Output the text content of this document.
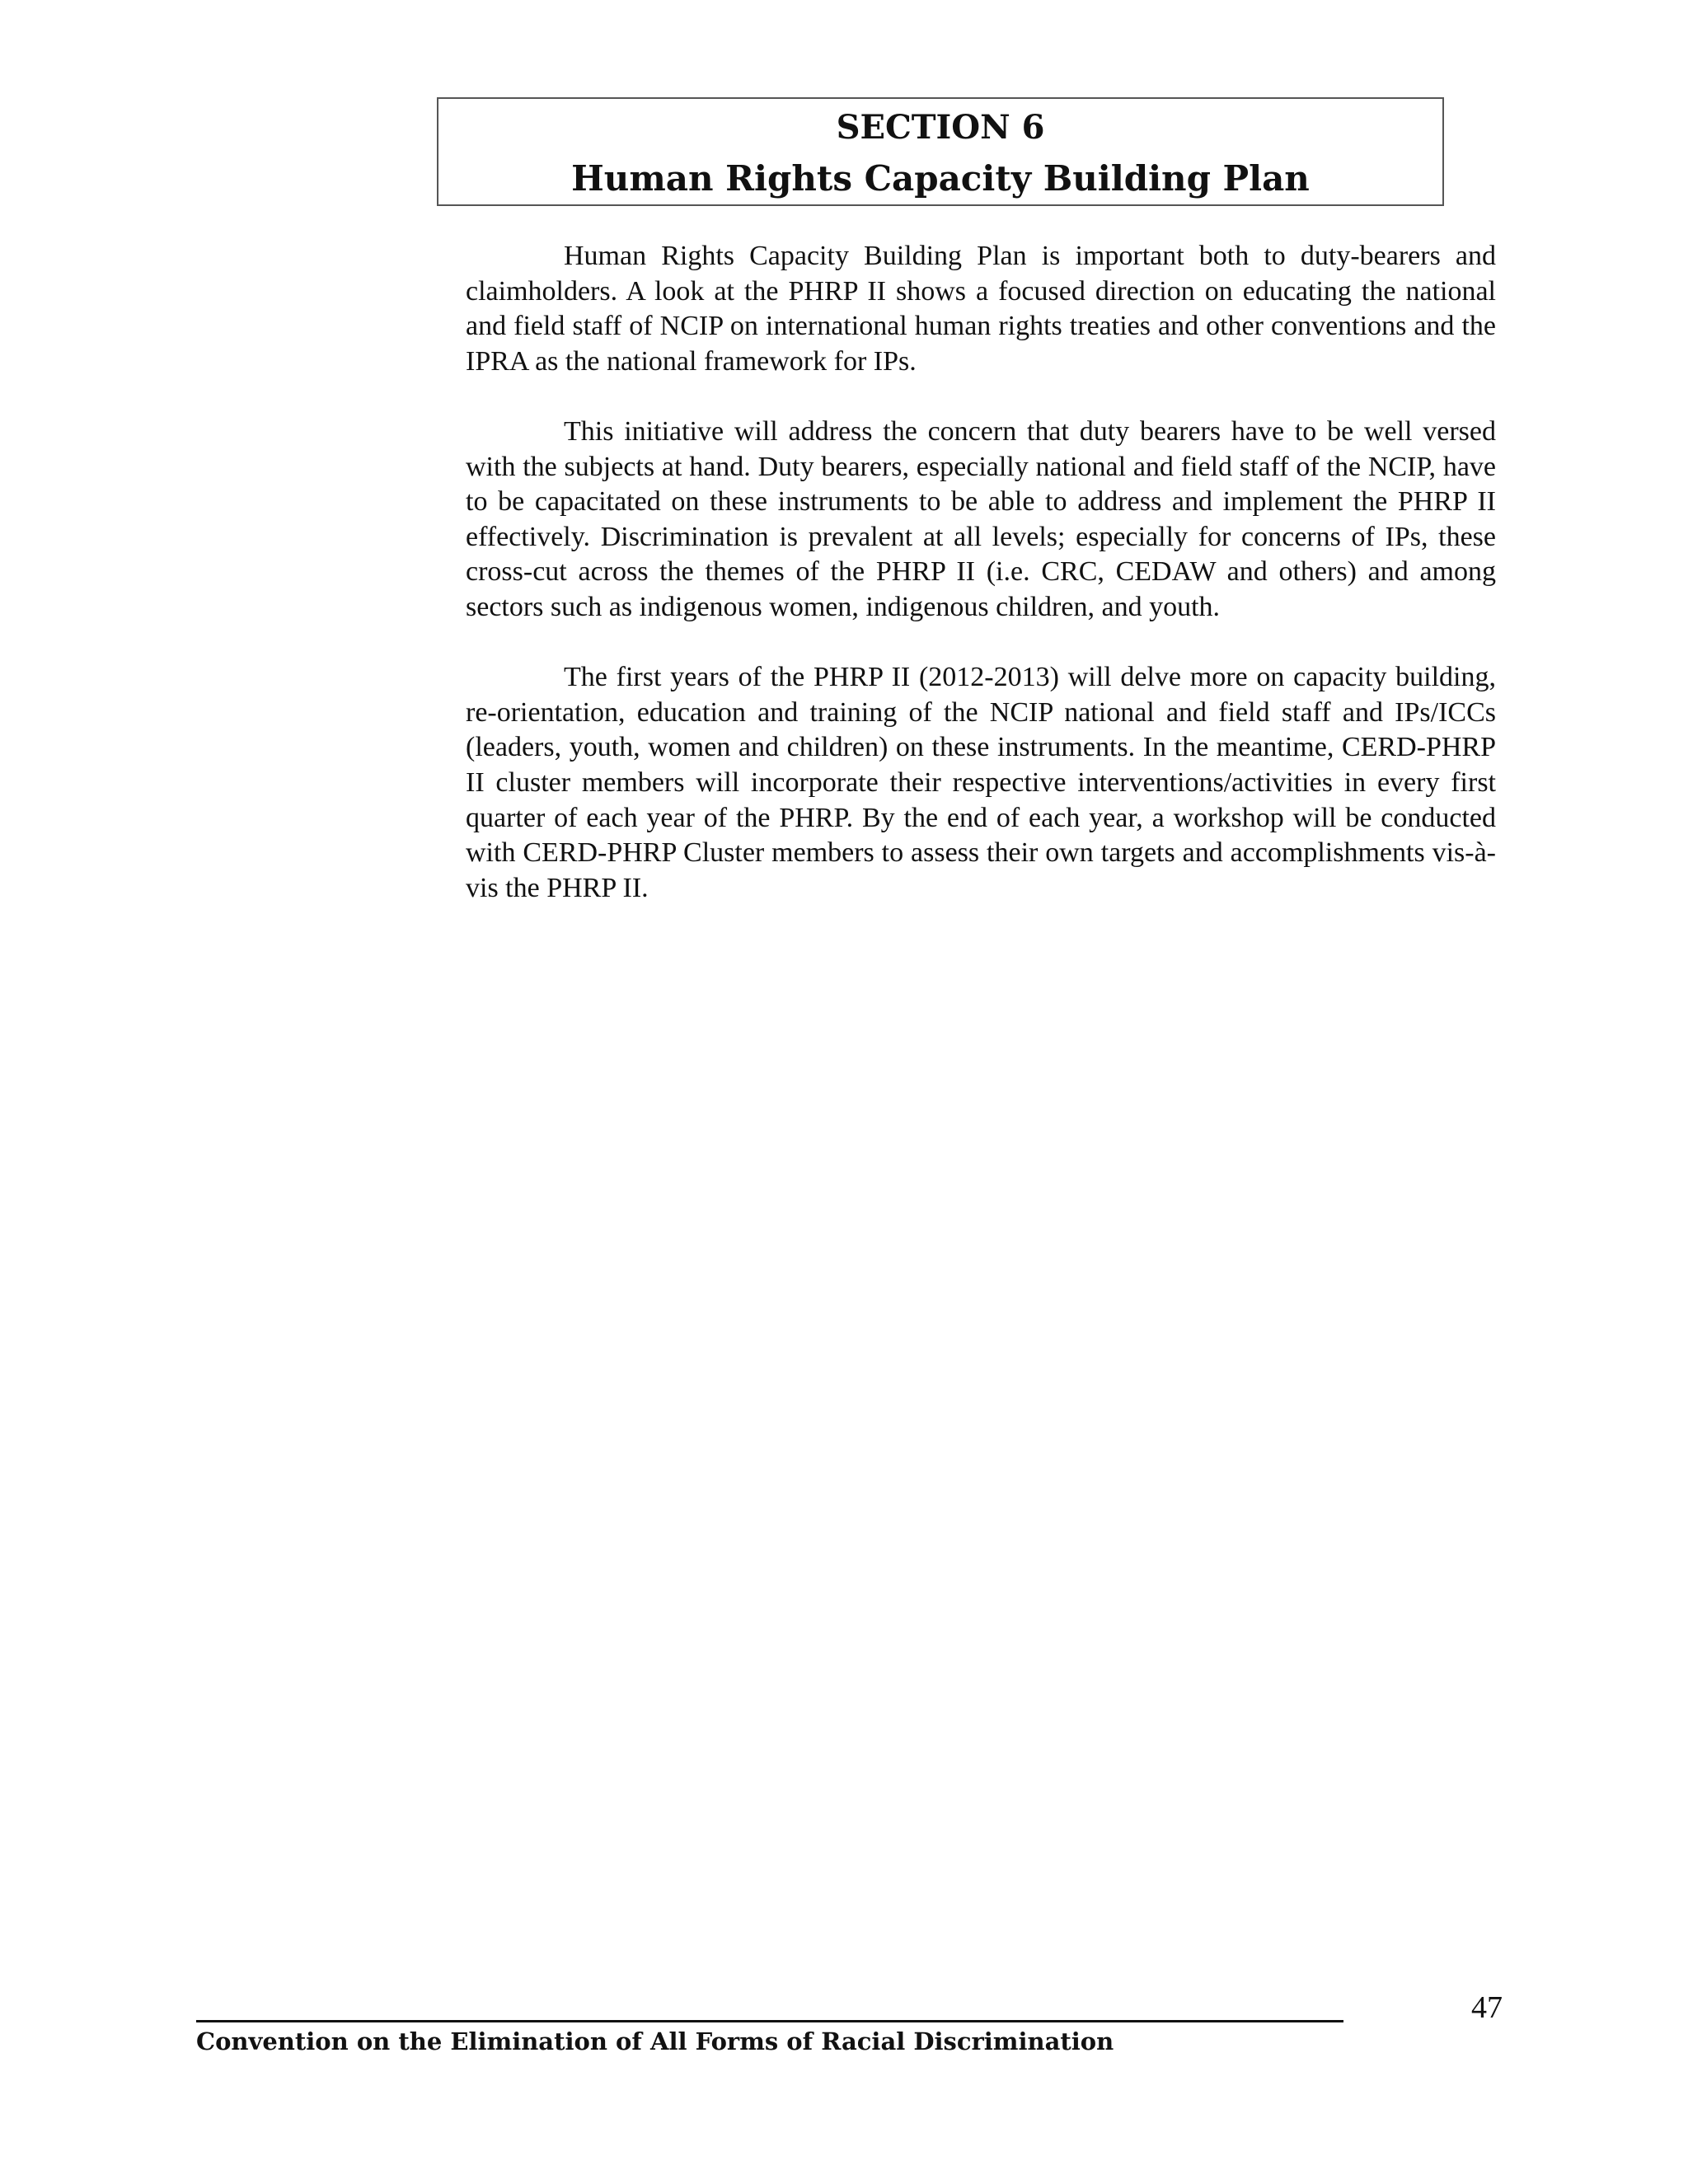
SECTION 6
Human Rights Capacity Building Plan

Human Rights Capacity Building Plan is important both to duty-bearers and claimholders. A look at the PHRP II shows a focused direction on educating the national and field staff of NCIP on international human rights treaties and other conventions and the IPRA as the national framework for IPs.

This initiative will address the concern that duty bearers have to be well versed with the subjects at hand. Duty bearers, especially national and field staff of the NCIP, have to be capacitated on these instruments to be able to address and implement the PHRP II effectively. Discrimination is prevalent at all levels; especially for concerns of IPs, these cross-cut across the themes of the PHRP II (i.e. CRC, CEDAW and others) and among sectors such as indigenous women, indigenous children, and youth.

The first years of the PHRP II (2012-2013) will delve more on capacity building, re-orientation, education and training of the NCIP national and field staff and IPs/ICCs (leaders, youth, women and children) on these instruments. In the meantime, CERD-PHRP II cluster members will incorporate their respective interventions/activities in every first quarter of each year of the PHRP. By the end of each year, a workshop will be conducted with CERD-PHRP Cluster members to assess their own targets and accomplishments vis-à-vis the PHRP II.

47
Convention on the Elimination of All Forms of Racial Discrimination
